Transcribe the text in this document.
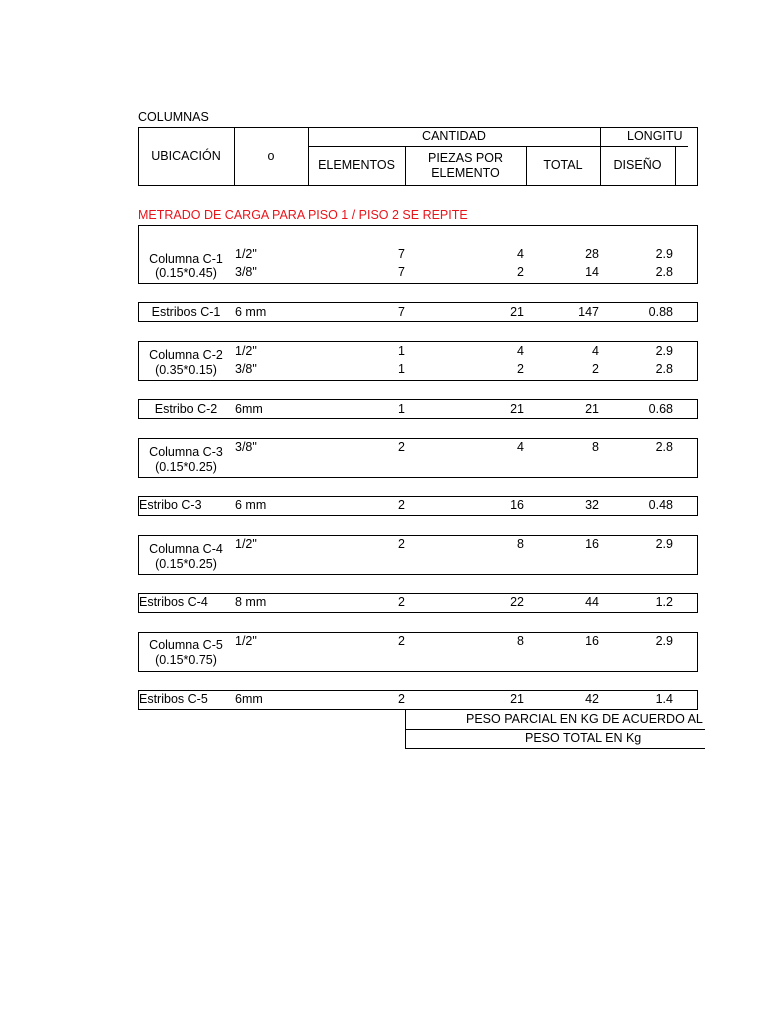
COLUMNAS
UBICACIÓN	o
CANTIDAD	LONGITU
ELEMENTOS	PIEZAS POR
ELEMENTO
TOTAL	DISEÑO
METRADO DE CARGA PARA PISO 1 / PISO 2 SE REPITE
Columna C-1
(0.15*0.45)
1/2"	7	4	28	2.9
3/8"	7	2	14	2.8
Estribos C-1	6 mm	7	21	147	0.88
Columna C-2
(0.35*0.15)
1/2"	1	4	4	2.9
3/8"	1	2	2	2.8
Estribo C-2	6mm	1	21	21	0.68
Columna C-3
(0.15*0.25)
3/8"	2	4	8	2.8
Estribo C-3	6 mm	2	16	32	0.48
Columna C-4
(0.15*0.25)
1/2"	2	8	16	2.9
Estribos C-4 8 mm	2	22	44	1.2
Columna C-5
(0.15*0.75)
1/2"	2	8	16	2.9
Estribos C-5 6mm	2	21	42	1.4
PESO PARCIAL EN KG DE ACUERDO AL
PESO TOTAL EN Kg
